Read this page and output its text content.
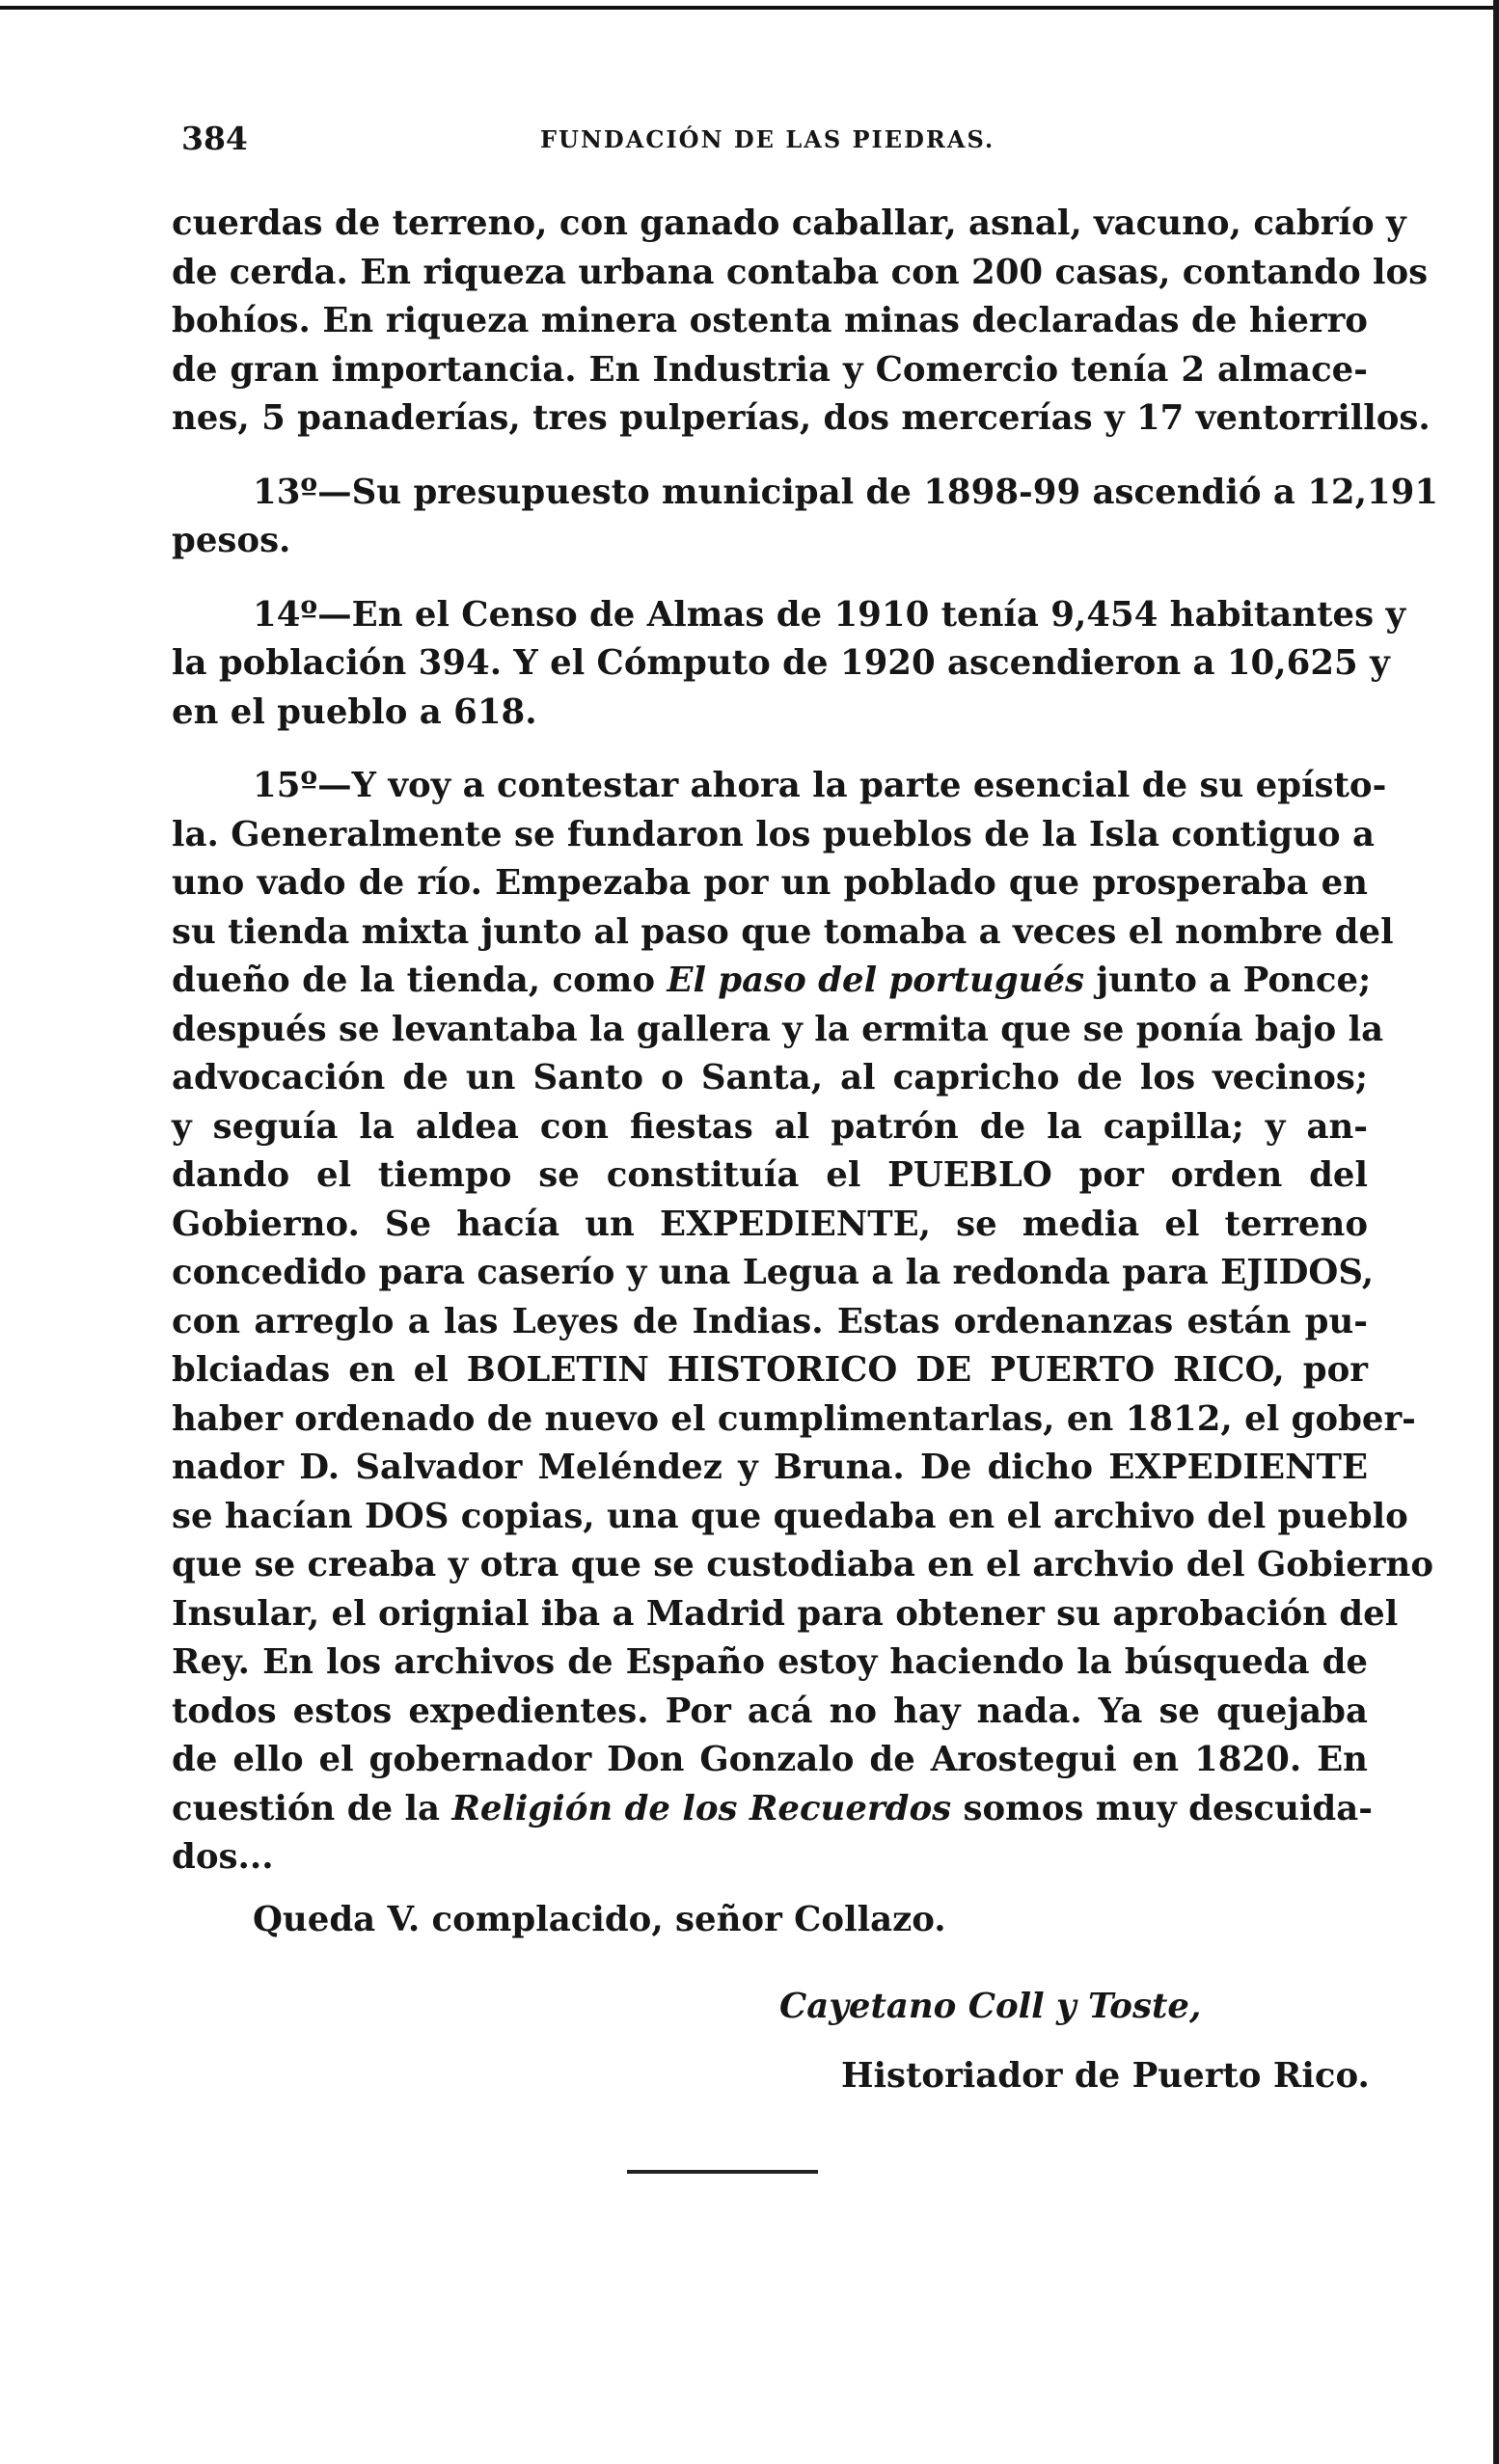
384	FUNDACIÓN DE LAS PIEDRAS.
cuerdas de terreno, con ganado caballar, asnal, vacuno, cabrío y
de cerda. En riqueza urbana contaba con 200 casas, contando los
bohíos. En riqueza minera ostenta minas declaradas de hierro
de gran importancia. En Industria y Comercio tenía 2 almace-
nes, 5 panaderías, tres pulperías, dos mercerías y 17 ventorrillos.
13º—Su presupuesto municipal de 1898-99 ascendió a 12,191
pesos.
14º—En el Censo de Almas de 1910 tenía 9,454 habitantes y
la población 394. Y el Cómputo de 1920 ascendieron a 10,625 y
en el pueblo a 618.
15º—Y voy a contestar ahora la parte esencial de su epísto-
la. Generalmente se fundaron los pueblos de la Isla contiguo a
uno vado de río. Empezaba por un poblado que prosperaba en
su tienda mixta junto al paso que tomaba a veces el nombre del
dueño de la tienda, como El paso del portugués junto a Ponce;
después se levantaba la gallera y la ermita que se ponía bajo la
advocación de un Santo o Santa, al capricho de los vecinos;
y seguía la aldea con fiestas al patrón de la capilla; y an-
dando el tiempo se constituía el PUEBLO por orden del
Gobierno. Se hacía un EXPEDIENTE, se media el terreno
concedido para caserío y una Legua a la redonda para EJIDOS,
con arreglo a las Leyes de Indias. Estas ordenanzas están pu-
blciadas en el BOLETIN HISTORICO DE PUERTO RICO, por
haber ordenado de nuevo el cumplimentarlas, en 1812, el gober-
nador D. Salvador Meléndez y Bruna. De dicho EXPEDIENTE
se hacían DOS copias, una que quedaba en el archivo del pueblo
que se creaba y otra que se custodiaba en el archvio del Gobierno
Insular, el orignial iba a Madrid para obtener su aprobación del
Rey. En los archivos de Españo estoy haciendo la búsqueda de
todos estos expedientes. Por acá no hay nada. Ya se quejaba
de ello el gobernador Don Gonzalo de Arostegui en 1820. En
cuestión de la Religión de los Recuerdos somos muy descuida-
dos...
Queda V. complacido, señor Collazo.
Cayetano Coll y Toste,
Historiador de Puerto Rico.
